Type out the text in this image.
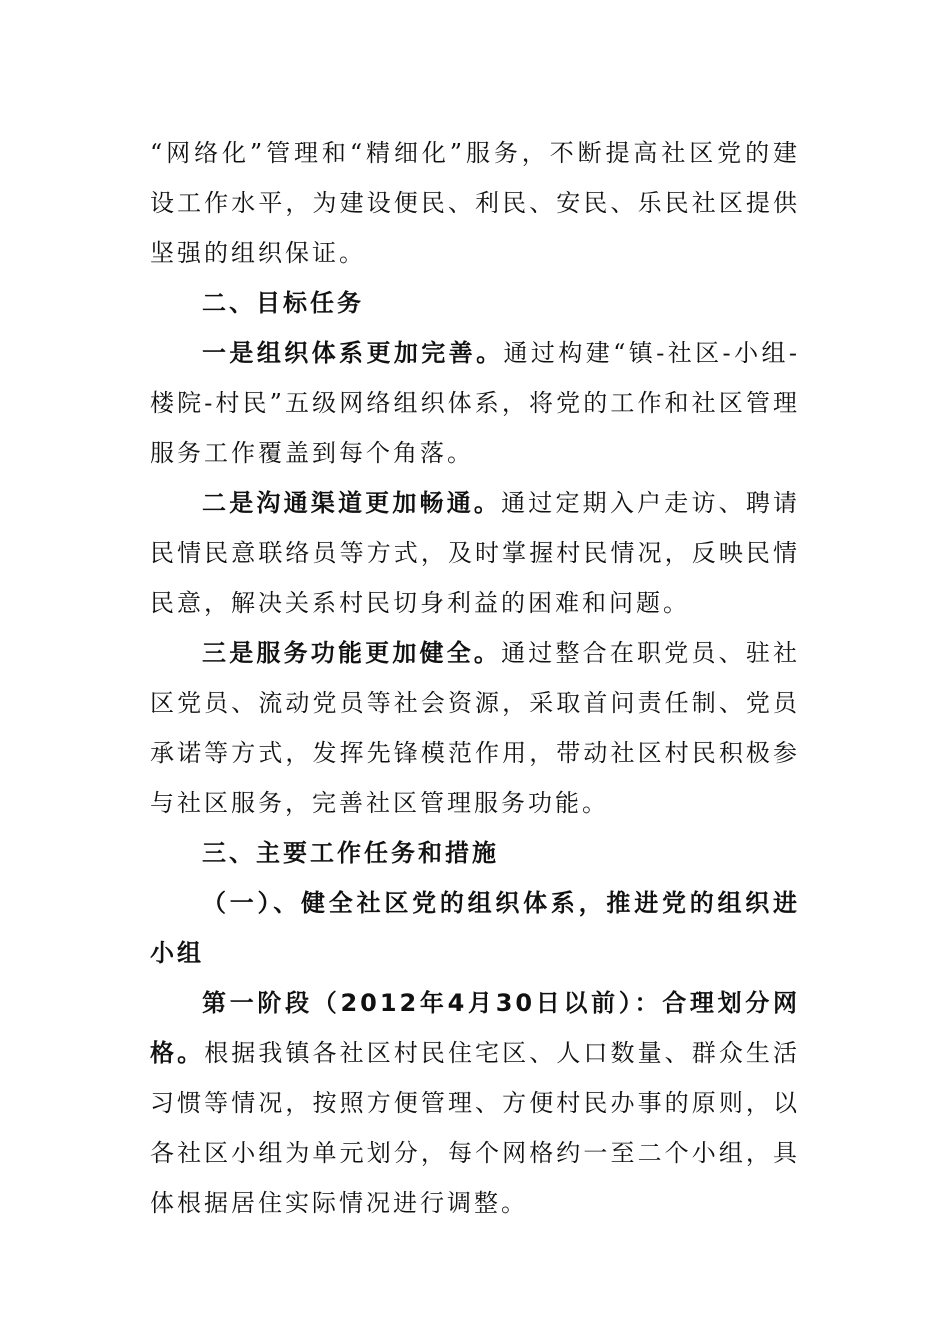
“网络化”管理和“精细化”服务，不断提高社区党的建设工作水平，为建设便民、利民、安民、乐民社区提供坚强的组织保证。

二、目标任务

一是组织体系更加完善。通过构建“镇-社区-小组-楼院-村民”五级网络组织体系，将党的工作和社区管理服务工作覆盖到每个角落。

二是沟通渠道更加畅通。通过定期入户走访、聘请民情民意联络员等方式，及时掌握村民情况，反映民情民意，解决关系村民切身利益的困难和问题。

三是服务功能更加健全。通过整合在职党员、驻社区党员、流动党员等社会资源，采取首问责任制、党员承诺等方式，发挥先锋模范作用，带动社区村民积极参与社区服务，完善社区管理服务功能。

三、主要工作任务和措施

（一）、健全社区党的组织体系，推进党的组织进小组

第一阶段（2012年4月30日以前）：合理划分网格。根据我镇各社区村民住宅区、人口数量、群众生活习惯等情况，按照方便管理、方便村民办事的原则，以各社区小组为单元划分，每个网格约一至二个小组，具体根据居住实际情况进行调整。
